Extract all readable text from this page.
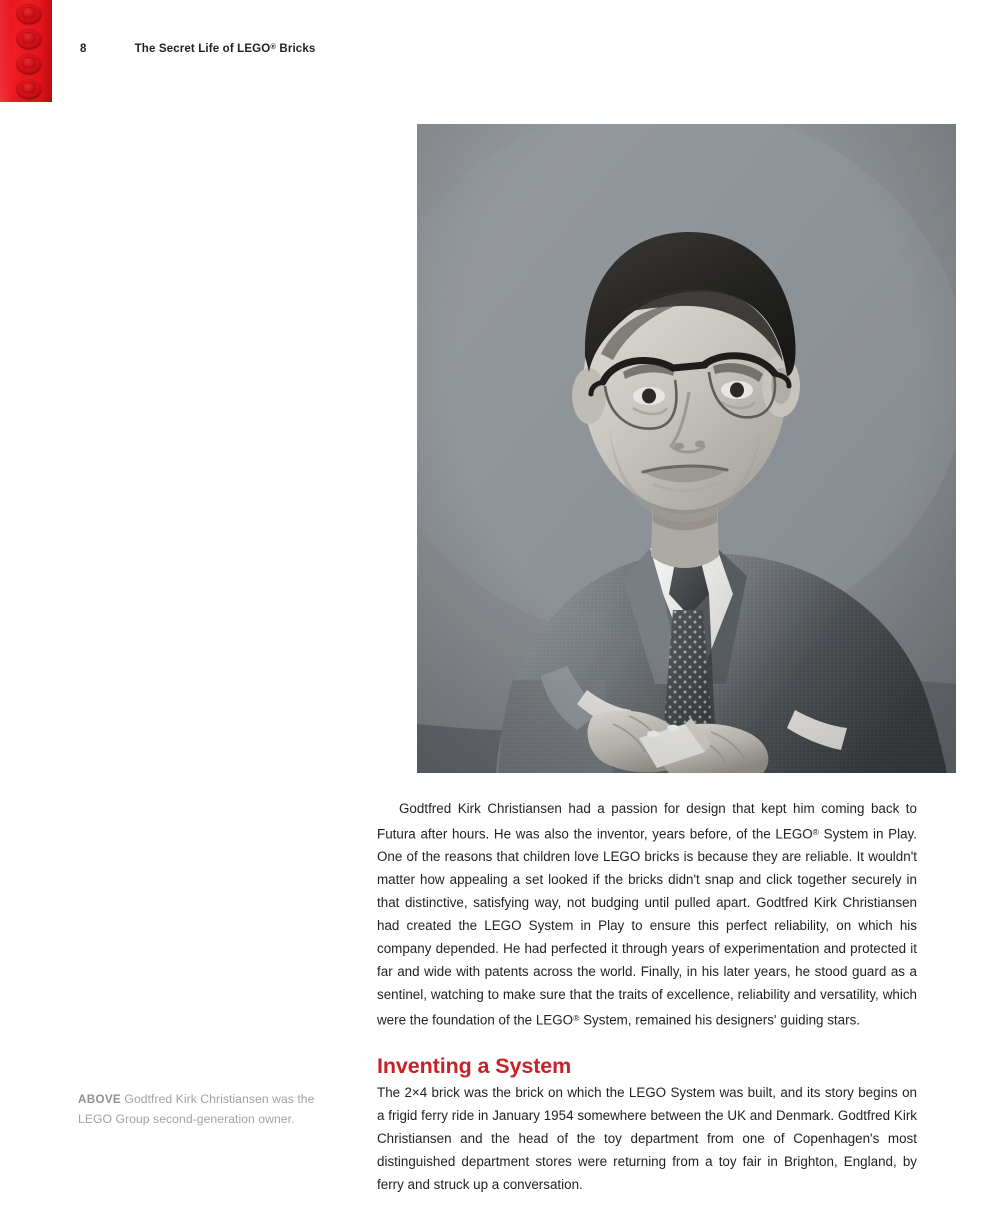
8	The Secret Life of LEGO® Bricks
ABOVE Godtfred Kirk Christiansen was the LEGO Group second-generation owner.

Godtfred Kirk Christiansen had a passion for design that kept him coming back to Futura after hours. He was also the inventor, years before, of the LEGO® System in Play. One of the reasons that children love LEGO bricks is because they are reliable. It wouldn't matter how appealing a set looked if the bricks didn't snap and click together securely in that distinctive, satisfying way, not budging until pulled apart. Godtfred Kirk Christiansen had created the LEGO System in Play to ensure this perfect reliability, on which his company depended. He had perfected it through years of experimentation and protected it far and wide with patents across the world. Finally, in his later years, he stood guard as a sentinel, watching to make sure that the traits of excellence, reliability and versatility, which were the foundation of the LEGO® System, remained his designers' guiding stars.

Inventing a System

The 2×4 brick was the brick on which the LEGO System was built, and its story begins on a frigid ferry ride in January 1954 somewhere between the UK and Denmark. Godtfred Kirk Christiansen and the head of the toy department from one of Copenhagen's most distinguished department stores were returning from a toy fair in Brighton, England, by ferry and struck up a conversation.
